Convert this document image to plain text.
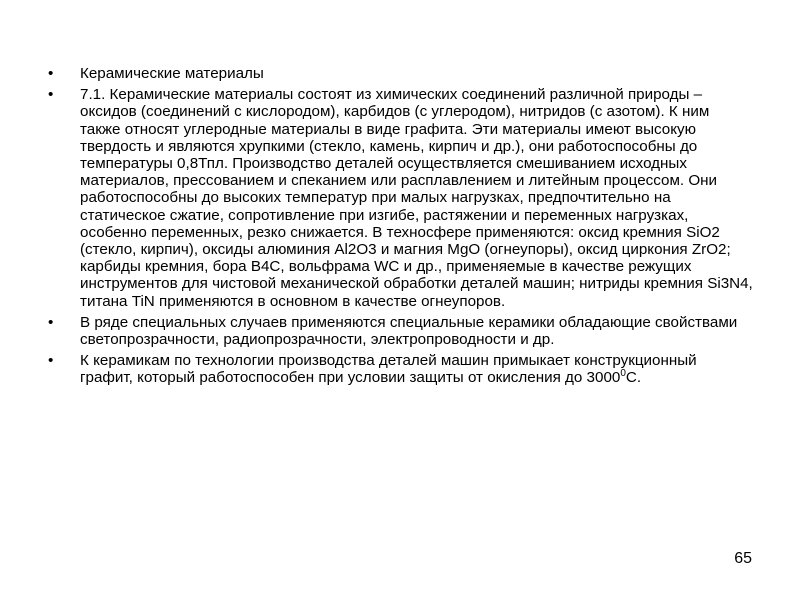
•	Керамические материалы
•	7.1. Керамические материалы состоят из химических соединений различной природы – оксидов (соединений с кислородом), карбидов (с углеродом), нитридов (с азотом). К ним также относят углеродные материалы в виде графита. Эти материалы имеют высокую твердость и являются хрупкими (стекло, камень, кирпич и др.), они работоспособны до температуры 0,8Тпл. Производство деталей осуществляется смешиванием исходных материалов, прессованием и спеканием или расплавлением и литейным процессом. Они работоспособны до высоких температур при малых нагрузках, предпочтительно на статическое сжатие, сопротивление при изгибе, растяжении и переменных нагрузках, особенно переменных, резко снижается. В техносфере применяются: оксид кремния SiO2 (стекло, кирпич), оксиды алюминия Al2O3 и магния MgO (огнеупоры), оксид циркония ZrO2; карбиды кремния, бора B4C, вольфрама WC и др., применяемые в качестве режущих инструментов для чистовой механической обработки деталей машин; нитриды кремния Si3N4, титана TiN применяются в основном в качестве огнеупоров.
•	В ряде специальных случаев применяются специальные керамики обладающие свойствами светопрозрачности, радиопрозрачности, электропроводности и др.
•	К керамикам по технологии производства деталей машин примыкает конструкционный графит, который работоспособен при условии защиты от окисления до 3000$^0$С.
65
